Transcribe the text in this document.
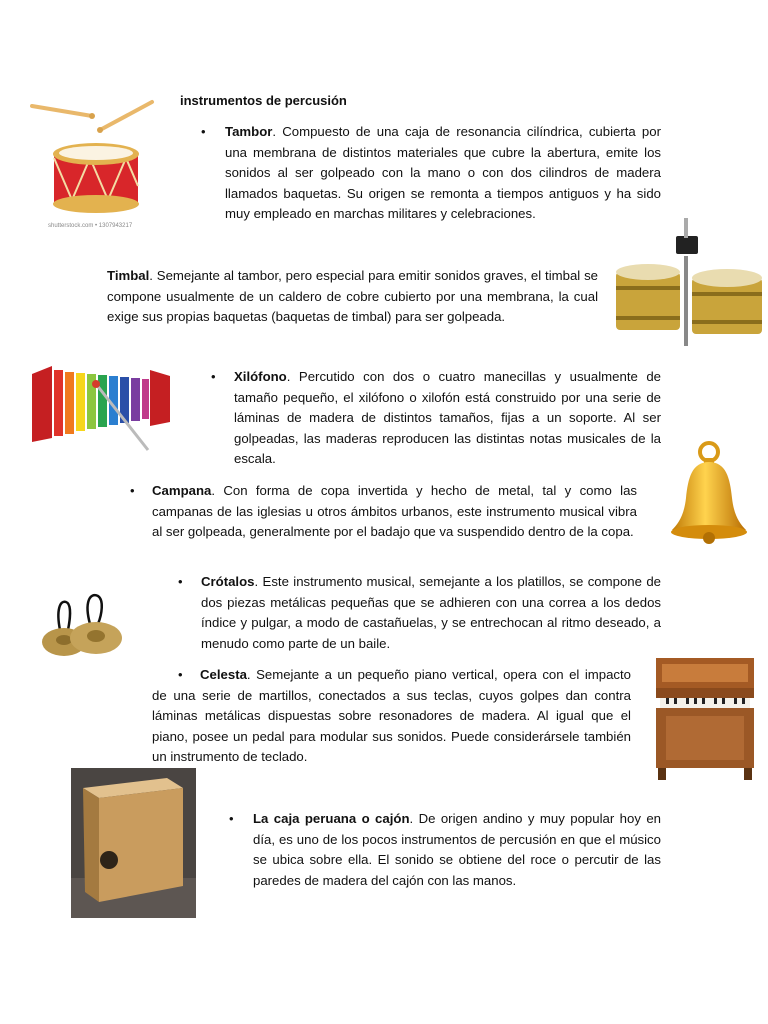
instrumentos de percusión
shutterstock.com • 1307943217
• Tambor. Compuesto de una caja de resonancia cilíndrica, cubierta por una membrana de distintos materiales que cubre la abertura, emite los sonidos al ser golpeado con la mano o con dos cilindros de madera llamados baquetas. Su origen se remonta a tiempos antiguos y ha sido muy empleado en marchas militares y celebraciones.

Timbal. Semejante al tambor, pero especial para emitir sonidos graves, el timbal se compone usualmente de un caldero de cobre cubierto por una membrana, la cual exige sus propias baquetas (baquetas de timbal) para ser golpeada.

• Xilófono. Percutido con dos o cuatro manecillas y usualmente de tamaño pequeño, el xilófono o xilofón está construido por una serie de láminas de madera de distintos tamaños, fijas a un soporte. Al ser golpeadas, las maderas reproducen las distintas notas musicales de la escala.

• Campana. Con forma de copa invertida y hecho de metal, tal y como las campanas de las iglesias u otros ámbitos urbanos, este instrumento musical vibra al ser golpeada, generalmente por el badajo que va suspendido dentro de la copa.

• Crótalos. Este instrumento musical, semejante a los platillos, se compone de dos piezas metálicas pequeñas que se adhieren con una correa a los dedos índice y pulgar, a modo de castañuelas, y se entrechocan al ritmo deseado, a menudo como parte de un baile.

•	Celesta. Semejante a un pequeño piano vertical, opera con el impacto de una serie de martillos, conectados a sus teclas, cuyos golpes dan contra láminas metálicas dispuestas sobre resonadores de madera. Al igual que el piano, posee un pedal para modular sus sonidos. Puede considerársele también un instrumento de teclado.

• La caja peruana o cajón. De origen andino y muy popular hoy en día, es uno de los pocos instrumentos de percusión en que el músico se ubica sobre ella. El sonido se obtiene del roce o percutir de las paredes de madera del cajón con las manos.
